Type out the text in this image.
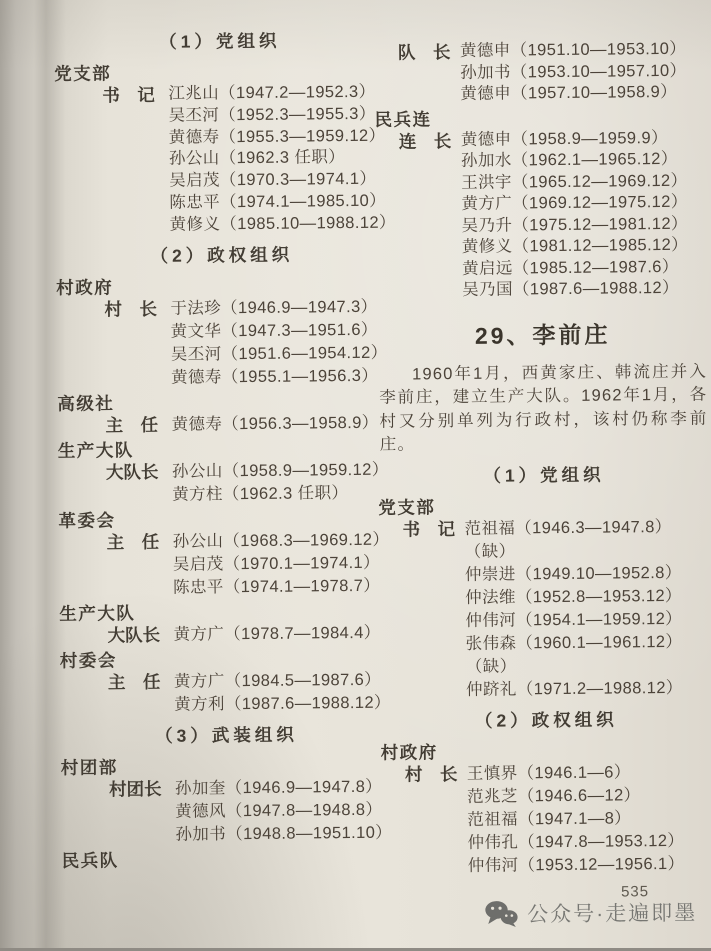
（1）党组织
党支部
书　记 江兆山（1947.2—1952.3）
吴丕河（1952.3—1955.3）
黄德寿（1955.3—1959.12）
孙公山（1962.3 任职）
吴启茂（1970.3—1974.1）
陈忠平（1974.1—1985.10）
黄修义（1985.10—1988.12）
（2）政权组织
村政府
村　长 于法珍（1946.9—1947.3）
黄文华（1947.3—1951.6）
吴丕河（1951.6—1954.12）
黄德寿（1955.1—1956.3）
高级社
主　任 黄德寿（1956.3—1958.9）
生产大队
大队长 孙公山（1958.9—1959.12）
黄方柱（1962.3 任职）
革委会
主　任 孙公山（1968.3—1969.12）
吴启茂（1970.1—1974.1）
陈忠平（1974.1—1978.7）
生产大队
大队长 黄方广（1978.7—1984.4）
村委会
主　任 黄方广（1984.5—1987.6）
黄方利（1987.6—1988.12）
（3）武装组织
村团部
村团长 孙加奎（1946.9—1947.8）
黄德风（1947.8—1948.8）
孙加书（1948.8—1951.10）
民兵队
队　长 黄德申（1951.10—1953.10）
孙加书（1953.10—1957.10）
黄德申（1957.10—1958.9）
民兵连
连　长 黄德申（1958.9—1959.9）
孙加水（1962.1—1965.12）
王洪宇（1965.12—1969.12）
黄方广（1969.12—1975.12）
吴乃升（1975.12—1981.12）
黄修义（1981.12—1985.12）
黄启远（1985.12—1987.6）
吴乃国（1987.6—1988.12）
29、李前庄
1960年1月，西黄家庄、韩流庄并入李前庄，建立生产大队。1962年1月，各村又分别单列为行政村，该村仍称李前庄。
（1）党组织
党支部
书　记 范祖福（1946.3—1947.8）
（缺）
仲崇进（1949.10—1952.8）
仲法维（1952.8—1953.12）
仲伟河（1954.1—1959.12）
张伟森（1960.1—1961.12）
（缺）
仲跻礼（1971.2—1988.12）
（2）政权组织
村政府
村　长 王慎界（1946.1—6）
范兆芝（1946.6—12）
范祖福（1947.1—8）
仲伟孔（1947.8—1953.12）
仲伟河（1953.12—1956.1）
535
公众号·走遍即墨
